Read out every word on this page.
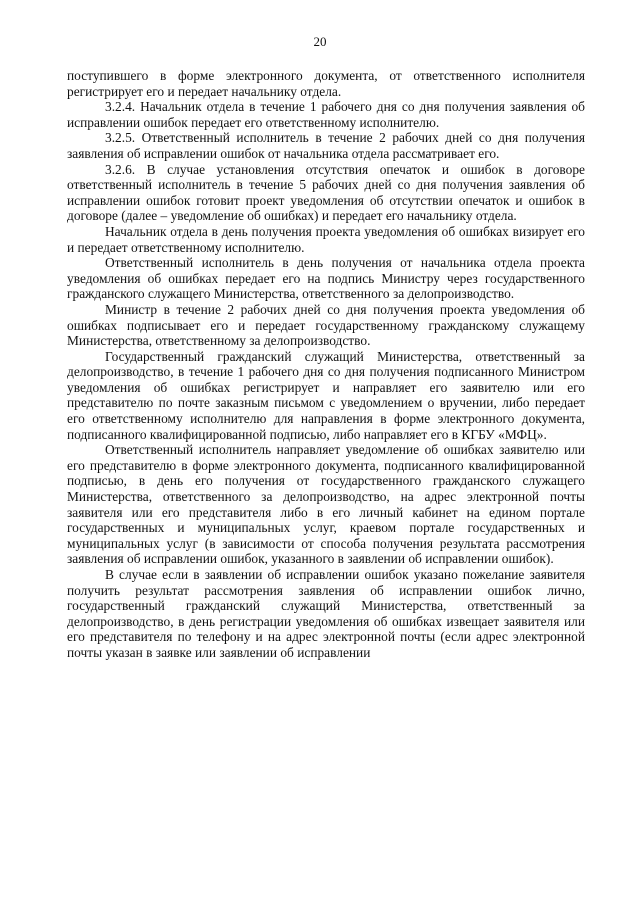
20

поступившего в форме электронного документа, от ответственного исполнителя регистрирует его и передает начальнику отдела.

3.2.4. Начальник отдела в течение 1 рабочего дня со дня получения заявления об исправлении ошибок передает его ответственному исполнителю.

3.2.5. Ответственный исполнитель в течение 2 рабочих дней со дня получения заявления об исправлении ошибок от начальника отдела рассматривает его.

3.2.6. В случае установления отсутствия опечаток и ошибок в договоре ответственный исполнитель в течение 5 рабочих дней со дня получения заявления об исправлении ошибок готовит проект уведомления об отсутствии опечаток и ошибок в договоре (далее – уведомление об ошибках) и передает его начальнику отдела.

Начальник отдела в день получения проекта уведомления об ошибках визирует его и передает ответственному исполнителю.

Ответственный исполнитель в день получения от начальника отдела проекта уведомления об ошибках передает его на подпись Министру через государственного гражданского служащего Министерства, ответственного за делопроизводство.

Министр в течение 2 рабочих дней со дня получения проекта уведомления об ошибках подписывает его и передает государственному гражданскому служащему Министерства, ответственному за делопроизводство.

Государственный гражданский служащий Министерства, ответственный за делопроизводство, в течение 1 рабочего дня со дня получения подписанного Министром уведомления об ошибках регистрирует и направляет его заявителю или его представителю по почте заказным письмом с уведомлением о вручении, либо передает его ответственному исполнителю для направления в форме электронного документа, подписанного квалифицированной подписью, либо направляет его в КГБУ «МФЦ».

Ответственный исполнитель направляет уведомление об ошибках заявителю или его представителю в форме электронного документа, подписанного квалифицированной подписью, в день его получения от государственного гражданского служащего Министерства, ответственного за делопроизводство, на адрес электронной почты заявителя или его представителя либо в его личный кабинет на едином портале государственных и муниципальных услуг, краевом портале государственных и муниципальных услуг (в зависимости от способа получения результата рассмотрения заявления об исправлении ошибок, указанного в заявлении об исправлении ошибок).

В случае если в заявлении об исправлении ошибок указано пожелание заявителя получить результат рассмотрения заявления об исправлении ошибок лично, государственный гражданский служащий Министерства, ответственный за делопроизводство, в день регистрации уведомления об ошибках извещает заявителя или его представителя по телефону и на адрес электронной почты (если адрес электронной почты указан в заявке или заявлении об исправлении
